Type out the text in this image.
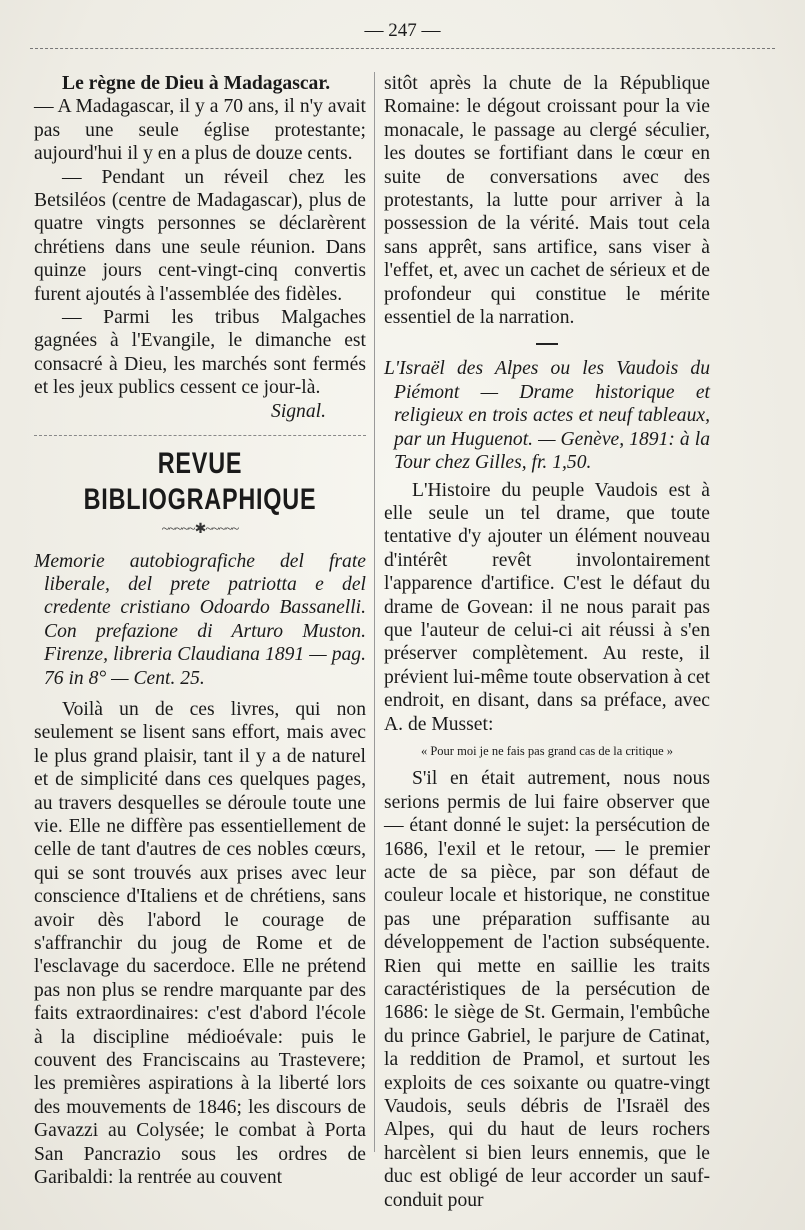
— 247 —

Le règne de Dieu à Madagascar.

— A Madagascar, il y a 70 ans, il n'y avait pas une seule église protestante; aujourd'hui il y en a plus de douze cents.

— Pendant un réveil chez les Betsiléos (centre de Madagascar), plus de quatre vingts personnes se déclarèrent chrétiens dans une seule réunion. Dans quinze jours cent-vingt-cinq convertis furent ajoutés à l'assemblée des fidèles.

— Parmi les tribus Malgaches gagnées à l'Evangile, le dimanche est consacré à Dieu, les marchés sont fermés et les jeux publics cessent ce jour-là.

Signal.

REVUE BIBLIOGRAPHIQUE
~~~~~✱~~~~~

Memorie autobiografiche del frate liberale, del prete patriotta e del credente cristiano Odoardo Bassanelli. Con prefazione di Arturo Muston. Firenze, libreria Claudiana 1891 — pag. 76 in 8° — Cent. 25.

Voilà un de ces livres, qui non seulement se lisent sans effort, mais avec le plus grand plaisir, tant il y a de naturel et de simplicité dans ces quelques pages, au travers desquelles se déroule toute une vie. Elle ne diffère pas essentiellement de celle de tant d'autres de ces nobles cœurs, qui se sont trouvés aux prises avec leur conscience d'Italiens et de chrétiens, sans avoir dès l'abord le courage de s'affranchir du joug de Rome et de l'esclavage du sacerdoce. Elle ne prétend pas non plus se rendre marquante par des faits extraordinaires: c'est d'abord l'école à la discipline médioévale: puis le couvent des Franciscains au Trastevere; les premières aspirations à la liberté lors des mouvements de 1846; les discours de Gavazzi au Colysée; le combat à Porta San Pancrazio sous les ordres de Garibaldi: la rentrée au couvent

sitôt après la chute de la République Romaine: le dégout croissant pour la vie monacale, le passage au clergé séculier, les doutes se fortifiant dans le cœur en suite de conversations avec des protestants, la lutte pour arriver à la possession de la vérité. Mais tout cela sans apprêt, sans artifice, sans viser à l'effet, et, avec un cachet de sérieux et de profondeur qui constitue le mérite essentiel de la narration.

L'Israël des Alpes ou les Vaudois du Piémont — Drame historique et religieux en trois actes et neuf tableaux, par un Huguenot. — Genève, 1891: à la Tour chez Gilles, fr. 1,50.

L'Histoire du peuple Vaudois est à elle seule un tel drame, que toute tentative d'y ajouter un élément nouveau d'intérêt revêt involontairement l'apparence d'artifice. C'est le défaut du drame de Govean: il ne nous parait pas que l'auteur de celui-ci ait réussi à s'en préserver complètement. Au reste, il prévient lui-même toute observation à cet endroit, en disant, dans sa préface, avec A. de Musset:

« Pour moi je ne fais pas grand cas de la critique »

S'il en était autrement, nous nous serions permis de lui faire observer que — étant donné le sujet: la persécution de 1686, l'exil et le retour, — le premier acte de sa pièce, par son défaut de couleur locale et historique, ne constitue pas une préparation suffisante au développement de l'action subséquente. Rien qui mette en saillie les traits caractéristiques de la persécution de 1686: le siège de St. Germain, l'embûche du prince Gabriel, le parjure de Catinat, la reddition de Pramol, et surtout les exploits de ces soixante ou quatre-vingt Vaudois, seuls débris de l'Israël des Alpes, qui du haut de leurs rochers harcèlent si bien leurs ennemis, que le duc est obligé de leur accorder un sauf-conduit pour
